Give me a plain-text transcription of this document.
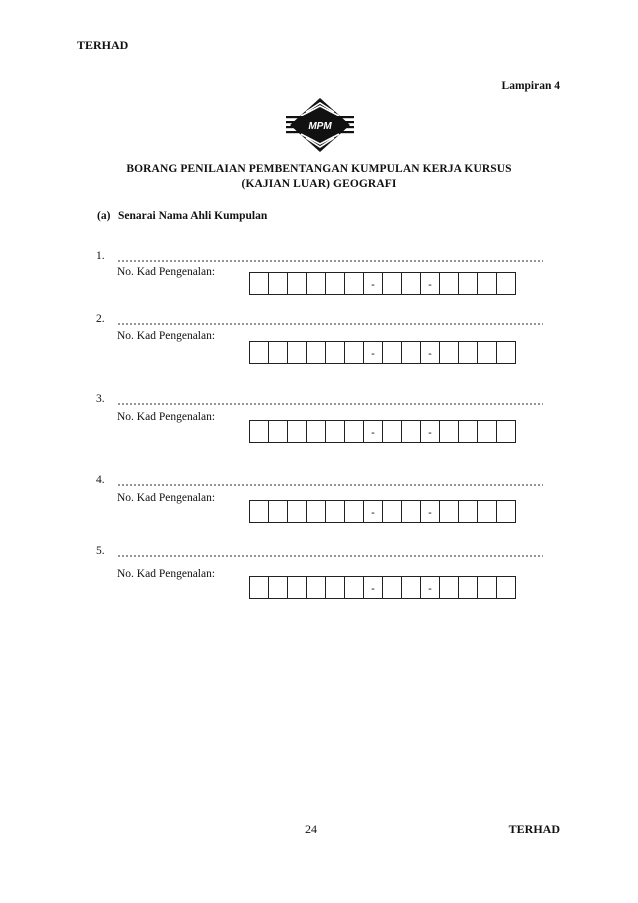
TERHAD
Lampiran 4
MPM
BORANG PENILAIAN PEMBENTANGAN KUMPULAN KERJA KURSUS
(KAJIAN LUAR) GEOGRAFI
(a) Senarai Nama Ahli Kumpulan
1.
No. Kad Pengenalan:
-	-
2.
No. Kad Pengenalan:
-	-
3.
No. Kad Pengenalan:
-	-
4.
No. Kad Pengenalan:
-	-
5.
No. Kad Pengenalan:
-	-
24	TERHAD
